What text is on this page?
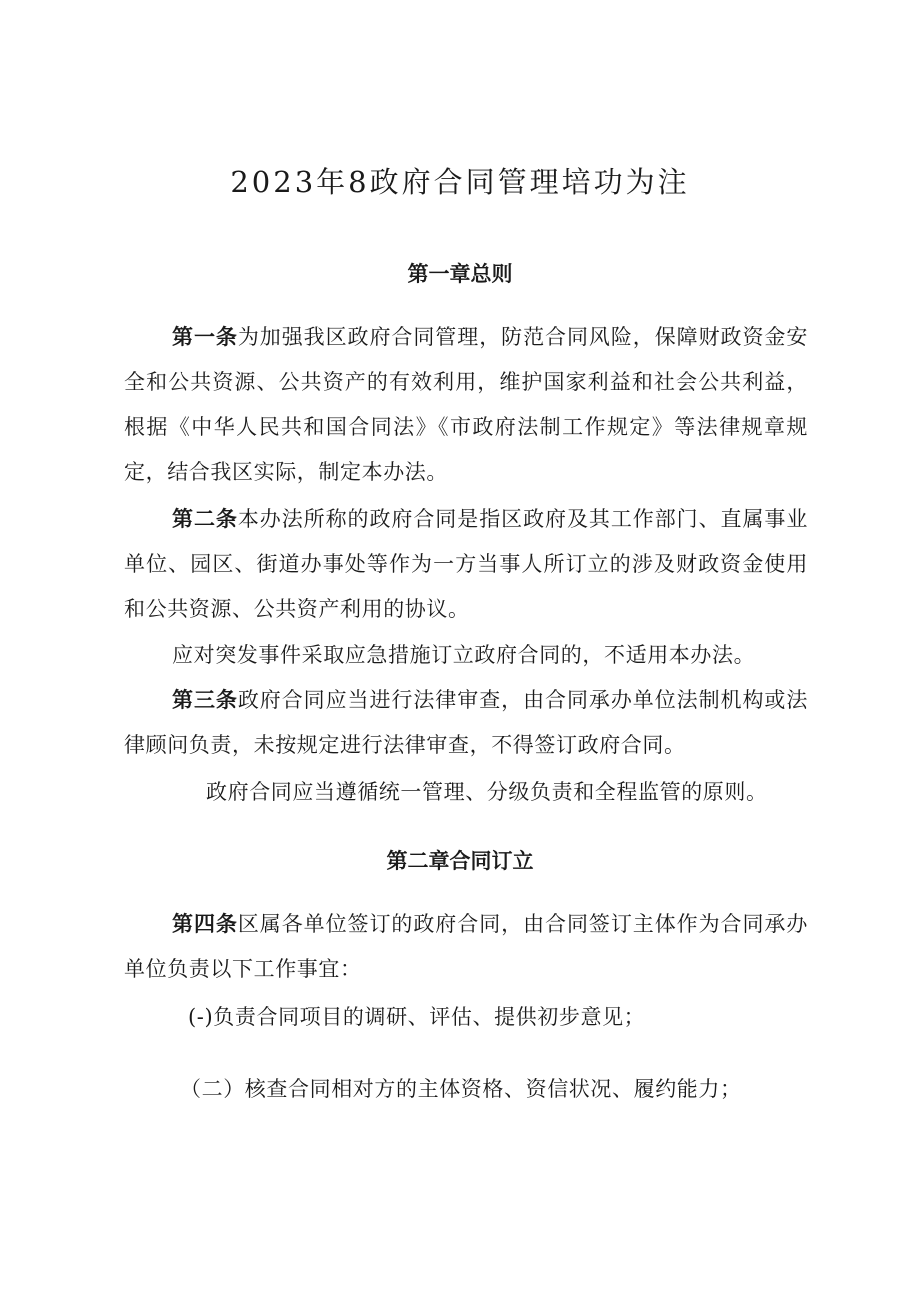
2023年8政府合同管理培功为注
第一章总则

第一条为加强我区政府合同管理，防范合同风险，保障财政资金安全和公共资源、公共资产的有效利用，维护国家利益和社会公共利益，根据《中华人民共和国合同法》《市政府法制工作规定》等法律规章规定，结合我区实际，制定本办法。

第二条本办法所称的政府合同是指区政府及其工作部门、直属事业单位、园区、街道办事处等作为一方当事人所订立的涉及财政资金使用和公共资源、公共资产利用的协议。

应对突发事件采取应急措施订立政府合同的，不适用本办法。

第三条政府合同应当进行法律审查，由合同承办单位法制机构或法律顾问负责，未按规定进行法律审查，不得签订政府合同。

政府合同应当遵循统一管理、分级负责和全程监管的原则。

第二章合同订立

第四条区属各单位签订的政府合同，由合同签订主体作为合同承办单位负责以下工作事宜：

(-)负责合同项目的调研、评估、提供初步意见；

（二）核查合同相对方的主体资格、资信状况、履约能力；
